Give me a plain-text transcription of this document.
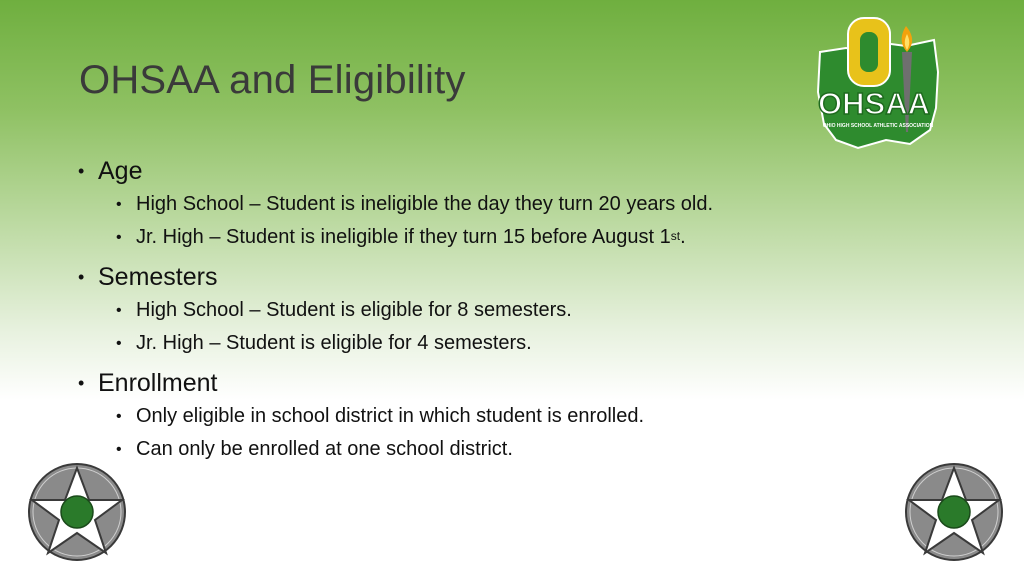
OHSAA and Eligibility
• Age
• High School – Student is ineligible the day they turn 20 years old.
• Jr. High – Student is ineligible if they turn 15 before August 1st.
• Semesters
• High School – Student is eligible for 8 semesters.
• Jr. High – Student is eligible for 4 semesters.
• Enrollment
• Only eligible in school district in which student is enrolled.
• Can only be enrolled at one school district.
OHSAA
OHIO HIGH SCHOOL ATHLETIC ASSOCIATION
